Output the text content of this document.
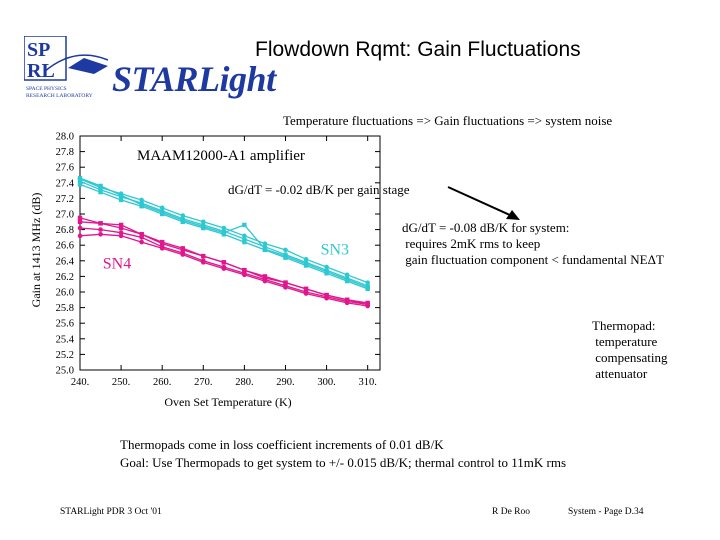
SP
RL
SPACE PHYSICS
RESEARCH LABORATORY
Flowdown Rqmt: Gain Fluctuations
STARLight
Temperature fluctuations => Gain fluctuations => system noise
25.0
25.2
25.4
25.6
25.8
26.0
26.2
26.4
26.6
26.8
27.0
27.2
27.4
27.6
27.8
28.0
240. 250. 260. 270. 280. 290. 300. 310.
SN3
SN4
MAAM12000-A1 amplifier
Oven Set Temperature (K)
Gain at 1413 MHz (dB)
dG/dT = -0.02 dB/K per gain stage
dG/dT = -0.08 dB/K for system:
requires 2mK rms to keep
gain fluctuation component < fundamental NEΔT
Thermopad:
temperature
compensating
attenuator
Thermopads come in loss coefficient increments of 0.01 dB/K
Goal: Use Thermopads to get system to +/- 0.015 dB/K; thermal control to 11mK rms
STARLight PDR 3 Oct '01	R De Roo	System - Page D.34
